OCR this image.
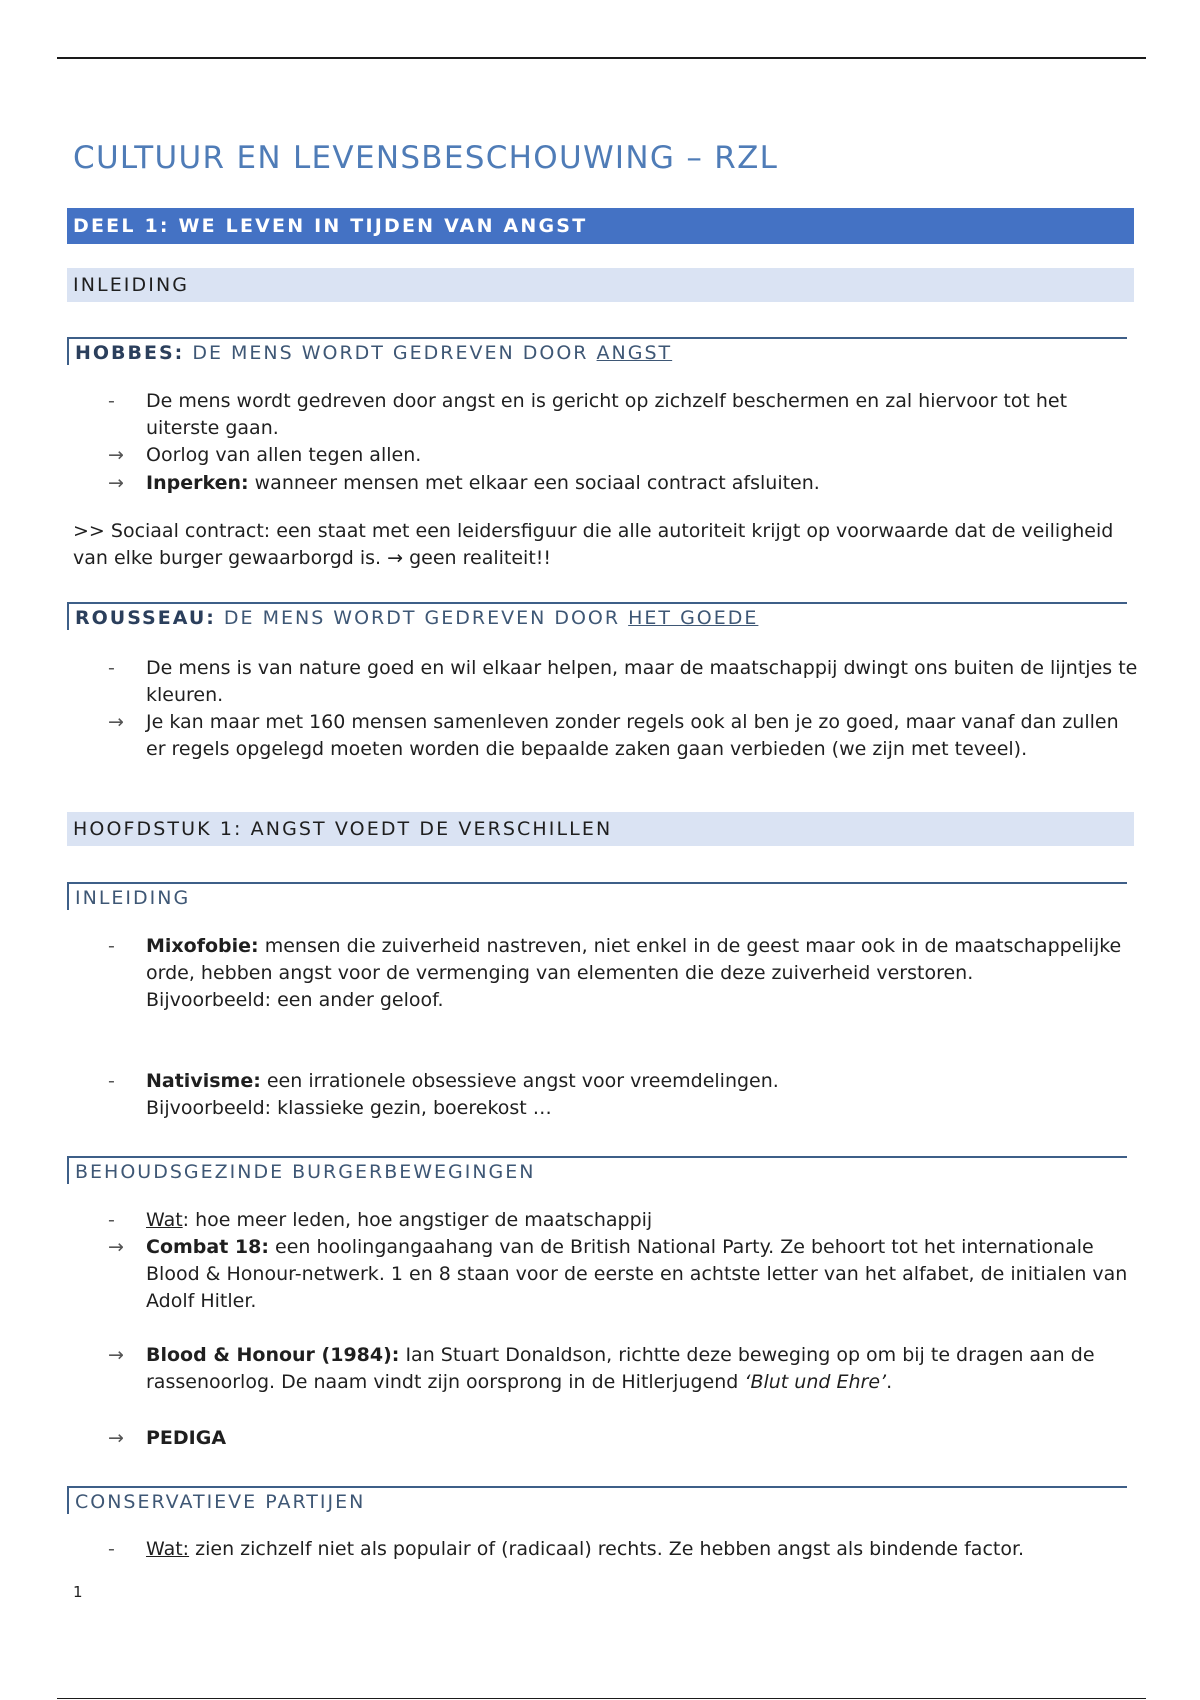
CULTUUR EN LEVENSBESCHOUWING – RZL
DEEL 1: WE LEVEN IN TIJDEN VAN ANGST
INLEIDING
HOBBES: DE MENS WORDT GEDREVEN DOOR ANGST
-	De mens wordt gedreven door angst en is gericht op zichzelf beschermen en zal hiervoor tot het uiterste gaan.
→	Oorlog van allen tegen allen.
→	Inperken: wanneer mensen met elkaar een sociaal contract afsluiten.
>> Sociaal contract: een staat met een leidersfiguur die alle autoriteit krijgt op voorwaarde dat de veiligheid van elke burger gewaarborgd is. → geen realiteit!!
ROUSSEAU: DE MENS WORDT GEDREVEN DOOR HET GOEDE
-	De mens is van nature goed en wil elkaar helpen, maar de maatschappij dwingt ons buiten de lijntjes te kleuren.
→	Je kan maar met 160 mensen samenleven zonder regels ook al ben je zo goed, maar vanaf dan zullen er regels opgelegd moeten worden die bepaalde zaken gaan verbieden (we zijn met teveel).
HOOFDSTUK 1: ANGST VOEDT DE VERSCHILLEN
INLEIDING
-	Mixofobie: mensen die zuiverheid nastreven, niet enkel in de geest maar ook in de maatschappelijke orde, hebben angst voor de vermenging van elementen die deze zuiverheid verstoren.
Bijvoorbeeld: een ander geloof.
-	Nativisme: een irrationele obsessieve angst voor vreemdelingen.
Bijvoorbeeld: klassieke gezin, boerekost …
BEHOUDSGEZINDE BURGERBEWEGINGEN
-	Wat: hoe meer leden, hoe angstiger de maatschappij
→	Combat 18: een hoolingangaahang van de British National Party. Ze behoort tot het internationale Blood & Honour-netwerk. 1 en 8 staan voor de eerste en achtste letter van het alfabet, de initialen van Adolf Hitler.
→	Blood & Honour (1984): Ian Stuart Donaldson, richtte deze beweging op om bij te dragen aan de rassenoorlog. De naam vindt zijn oorsprong in de Hitlerjugend ‘Blut und Ehre’.
→	PEDIGA
CONSERVATIEVE PARTIJEN
-	Wat: zien zichzelf niet als populair of (radicaal) rechts. Ze hebben angst als bindende factor.
1
